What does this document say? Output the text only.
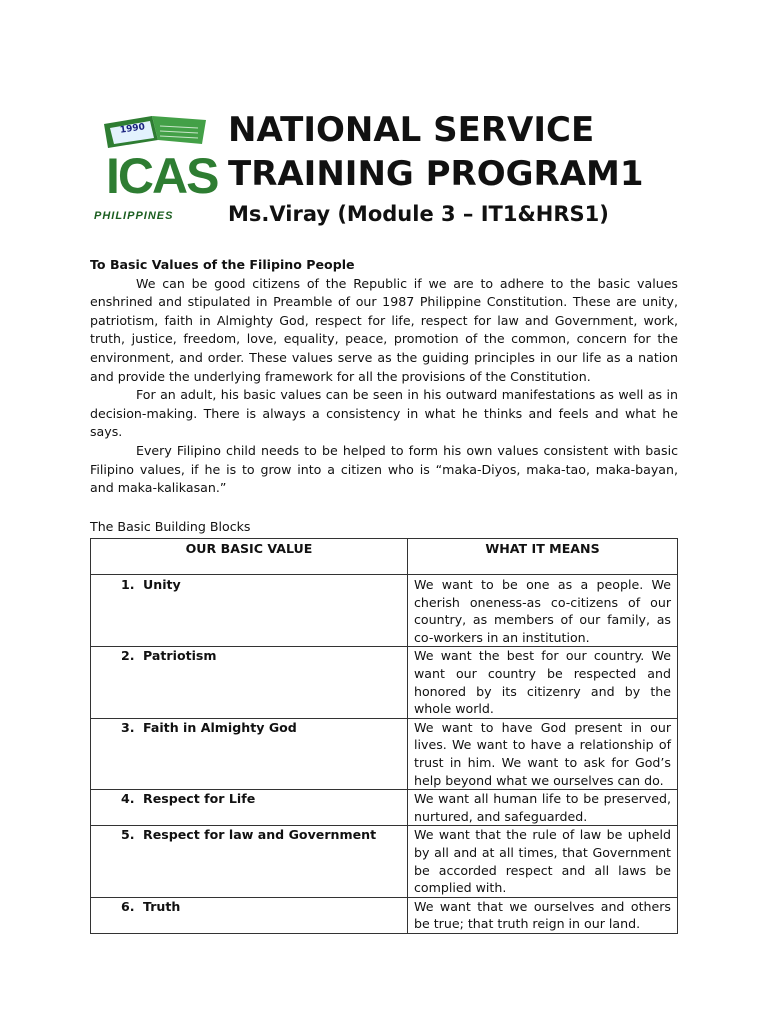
1990
ICAS
PHILIPPINES
NATIONAL SERVICE
TRAINING PROGRAM1
Ms.Viray (Module 3 – IT1&HRS1)
To Basic Values of the Filipino People

We can be good citizens of the Republic if we are to adhere to the basic values enshrined and stipulated in Preamble of our 1987 Philippine Constitution. These are unity, patriotism, faith in Almighty God, respect for life, respect for law and Government, work, truth, justice, freedom, love, equality, peace, promotion of the common, concern for the environment, and order. These values serve as the guiding principles in our life as a nation and provide the underlying framework for all the provisions of the Constitution.

For an adult, his basic values can be seen in his outward manifestations as well as in decision-making. There is always a consistency in what he thinks and feels and what he says.

Every Filipino child needs to be helped to form his own values consistent with basic Filipino values, if he is to grow into a citizen who is “maka-Diyos, maka-tao, maka-bayan, and maka-kalikasan.”

The Basic Building Blocks
OUR BASIC VALUE	WHAT IT MEANS
1. Unity	We want to be one as a people. We cherish oneness-as co-citizens of our country, as members of our family, as co-workers in an institution.
2. Patriotism	We want the best for our country. We want our country be respected and honored by its citizenry and by the whole world.
3. Faith in Almighty God	We want to have God present in our lives. We want to have a relationship of trust in him. We want to ask for God’s help beyond what we ourselves can do.
4. Respect for Life	We want all human life to be preserved, nurtured, and safeguarded.
5. Respect for law and Government	We want that the rule of law be upheld by all and at all times, that Government be accorded respect and all laws be complied with.
6. Truth	We want that we ourselves and others be true; that truth reign in our land.
